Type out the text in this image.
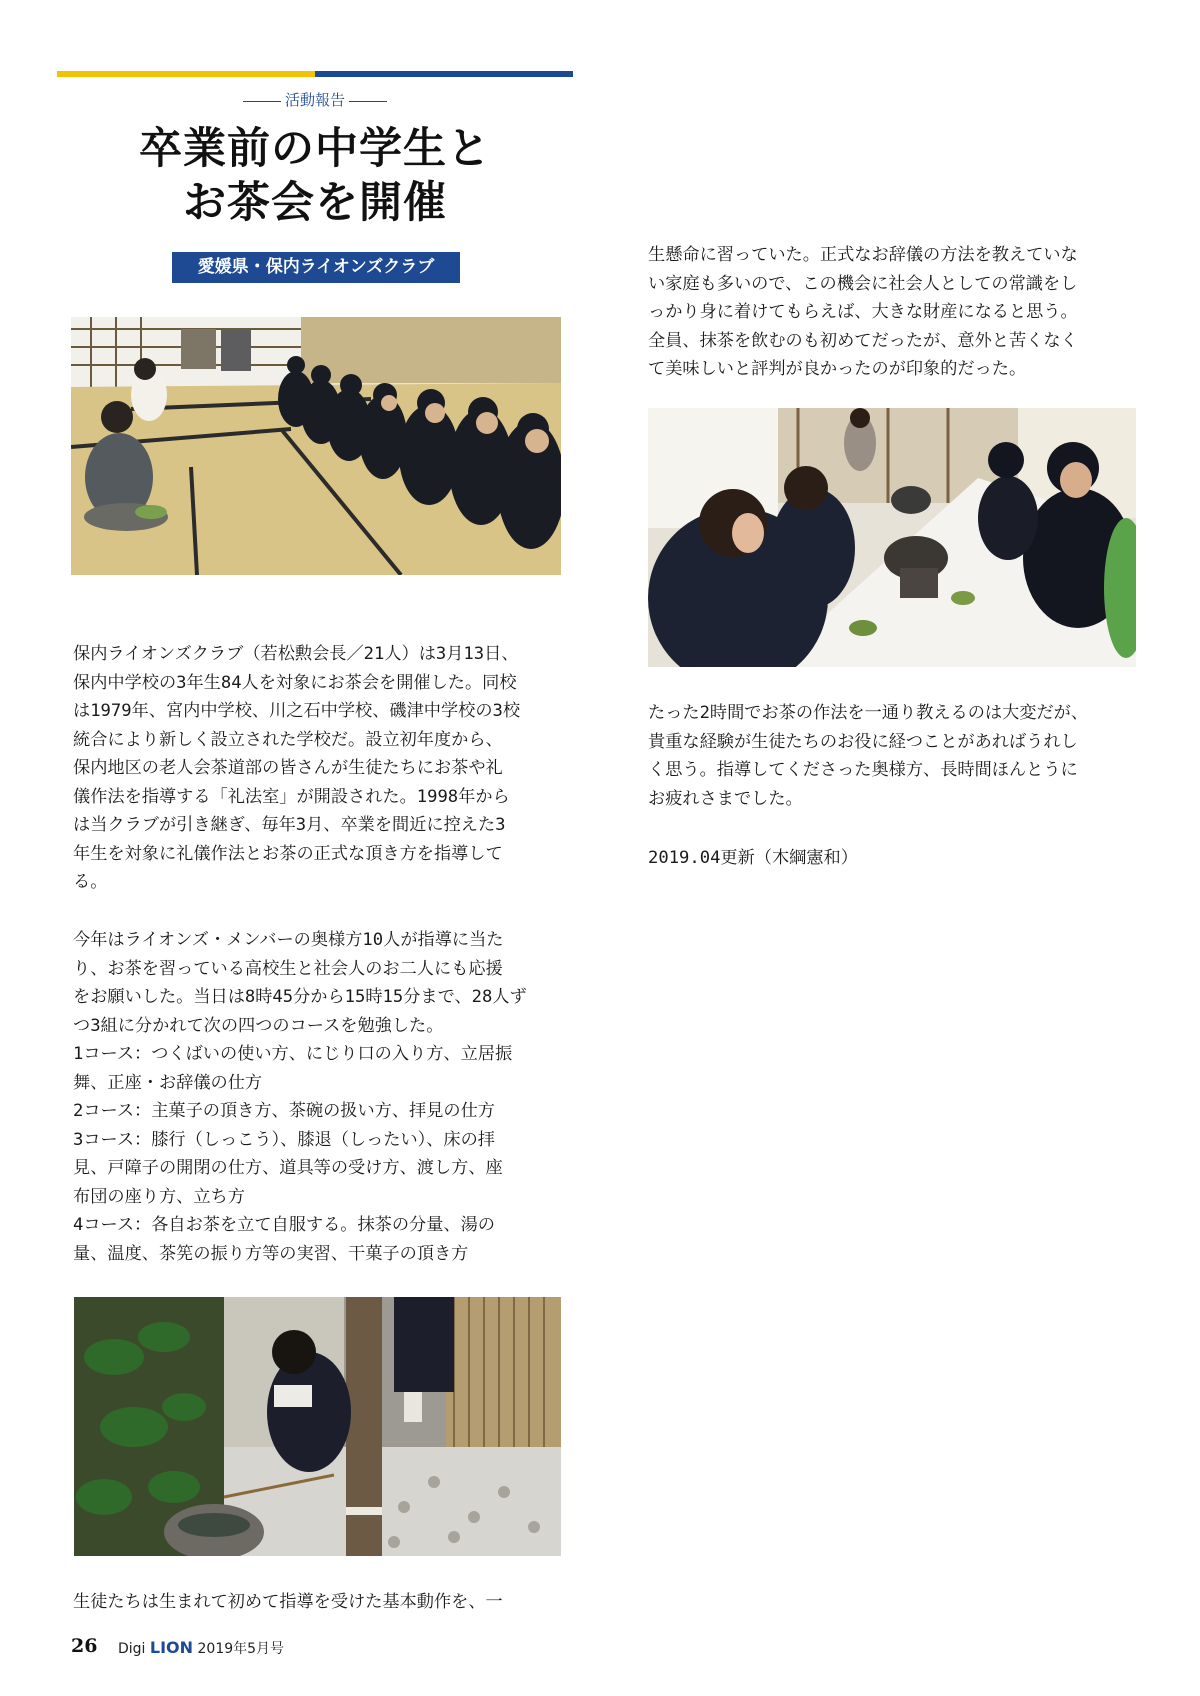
活動報告
卒業前の中学生と
お茶会を開催
愛媛県・保内ライオンズクラブ
保内ライオンズクラブ（若松勲会長／21人）は3月13日、
保内中学校の3年生84人を対象にお茶会を開催した。同校
は1979年、宮内中学校、川之石中学校、磯津中学校の3校
統合により新しく設立された学校だ。設立初年度から、
保内地区の老人会茶道部の皆さんが生徒たちにお茶や礼
儀作法を指導する「礼法室」が開設された。1998年から
は当クラブが引き継ぎ、毎年3月、卒業を間近に控えた3
年生を対象に礼儀作法とお茶の正式な頂き方を指導して
る。
今年はライオンズ・メンバーの奥様方10人が指導に当た
り、お茶を習っている高校生と社会人のお二人にも応援
をお願いした。当日は8時45分から15時15分まで、28人ず
つ3組に分かれて次の四つのコースを勉強した。
1コース：つくばいの使い方、にじり口の入り方、立居振
舞、正座・お辞儀の仕方
2コース：主菓子の頂き方、茶碗の扱い方、拝見の仕方
3コース：膝行（しっこう）、膝退（しったい）、床の拝
見、戸障子の開閉の仕方、道具等の受け方、渡し方、座
布団の座り方、立ち方
4コース：各自お茶を立て自服する。抹茶の分量、湯の
量、温度、茶筅の振り方等の実習、干菓子の頂き方
生徒たちは生まれて初めて指導を受けた基本動作を、一
生懸命に習っていた。正式なお辞儀の方法を教えていな
い家庭も多いので、この機会に社会人としての常識をし
っかり身に着けてもらえば、大きな財産になると思う。
全員、抹茶を飲むのも初めてだったが、意外と苦くなく
て美味しいと評判が良かったのが印象的だった。
たった2時間でお茶の作法を一通り教えるのは大変だが、
貴重な経験が生徒たちのお役に経つことがあればうれし
く思う。指導してくださった奥様方、長時間ほんとうに
お疲れさまでした。
2019.04更新（木綱憲和）
26 Digi LION 2019年5月号
